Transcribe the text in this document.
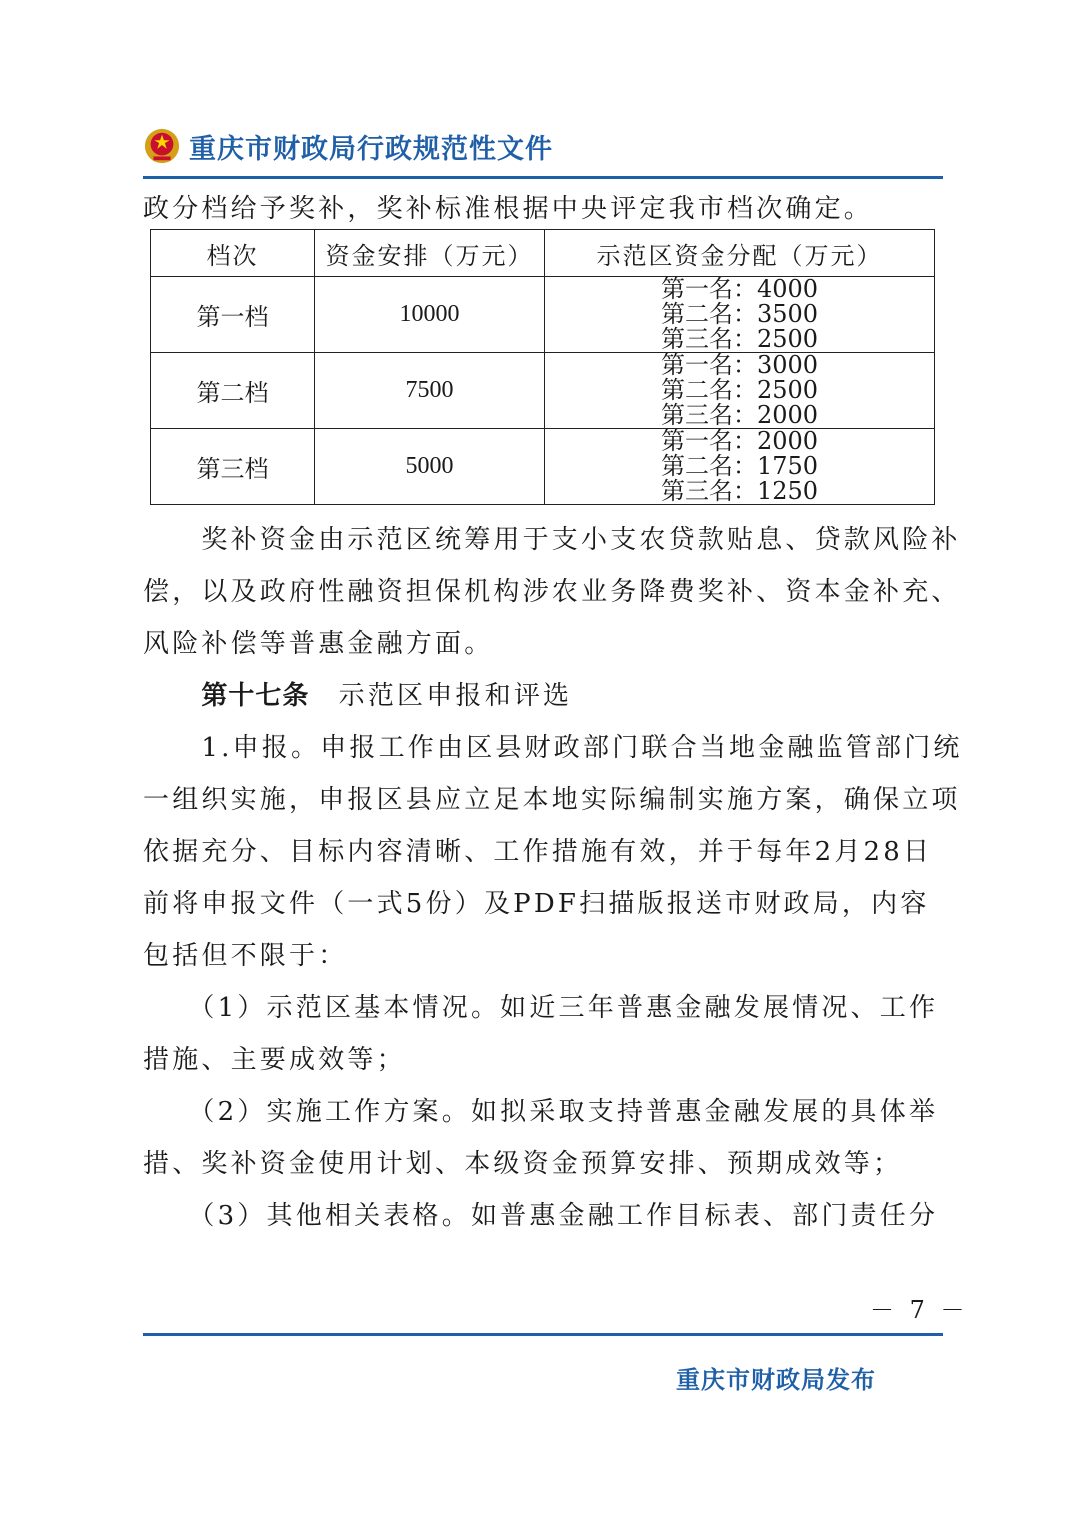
重庆市财政局行政规范性文件
政分档给予奖补，奖补标准根据中央评定我市档次确定。
档次	资金安排（万元）	示范区资金分配（万元）
第一档	10000	第一名：4000
第二名：3500
第三名：2500

第二档	7500	第一名：3000
第二名：2500
第三名：2000

第三档	5000	第一名：2000
第二名：1750
第三名：1250
　　奖补资金由示范区统筹用于支小支农贷款贴息、贷款风险补
偿，以及政府性融资担保机构涉农业务降费奖补、资本金补充、
风险补偿等普惠金融方面。
　　第十七条　 示范区申报和评选
　　1.申报。申报工作由区县财政部门联合当地金融监管部门统
一组织实施，申报区县应立足本地实际编制实施方案，确保立项
依据充分、目标内容清晰、工作措施有效，并于每年2月28日
前将申报文件（一式5份）及PDF扫描版报送市财政局，内容
包括但不限于：
　　（1）示范区基本情况。如近三年普惠金融发展情况、工作
措施、主要成效等；
　　（2）实施工作方案。如拟采取支持普惠金融发展的具体举
措、奖补资金使用计划、本级资金预算安排、预期成效等；
　　（3）其他相关表格。如普惠金融工作目标表、部门责任分
－ 7 －
重庆市财政局发布
